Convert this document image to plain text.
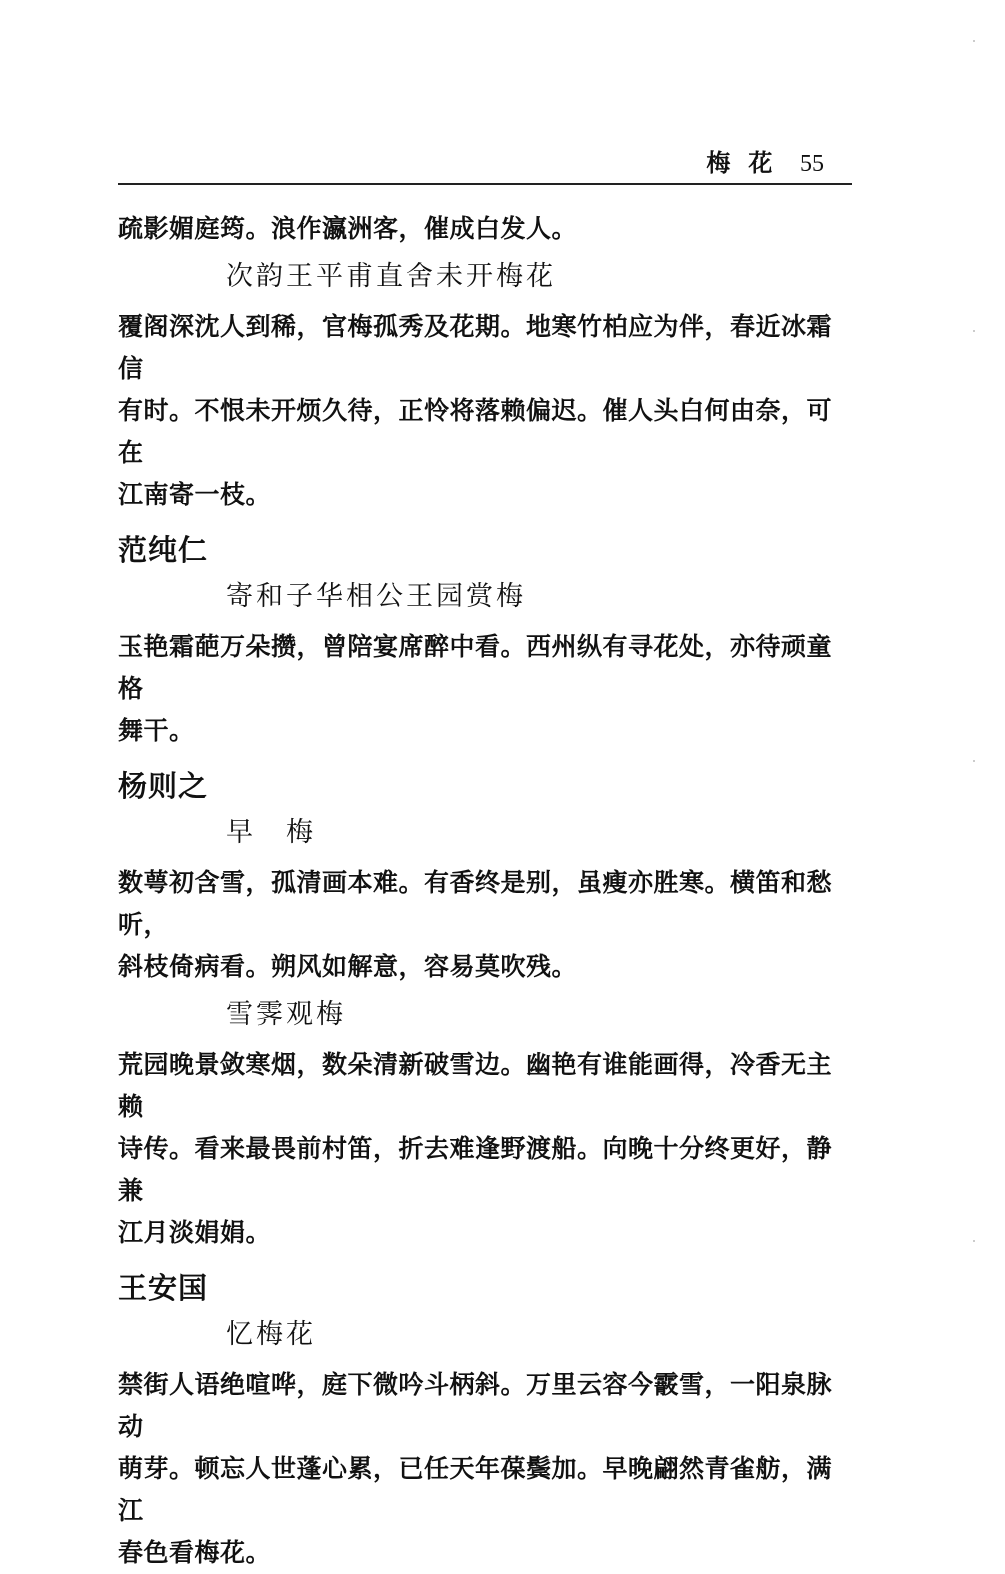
梅花 55

疏影媚庭筠。浪作瀛洲客，催成白发人。

次韵王平甫直舍未开梅花

覆阁深沈人到稀，官梅孤秀及花期。地寒竹柏应为伴，春近冰霜信

有时。不恨未开烦久待，正怜将落赖偏迟。催人头白何由奈，可在

江南寄一枝。

范纯仁
寄和子华相公王园赏梅

玉艳霜葩万朵攒，曾陪宴席醉中看。西州纵有寻花处，亦待顽童格

舞干。

杨则之
早　梅

数萼初含雪，孤清画本难。有香终是别，虽瘦亦胜寒。横笛和愁听，

斜枝倚病看。朔风如解意，容易莫吹残。

雪霁观梅

荒园晚景敛寒烟，数朵清新破雪边。幽艳有谁能画得，冷香无主赖

诗传。看来最畏前村笛，折去难逢野渡船。向晚十分终更好，静兼

江月淡娟娟。

王安国
忆梅花

禁街人语绝喧哗，庭下微吟斗柄斜。万里云容今霰雪，一阳泉脉动

萌芽。顿忘人世蓬心累，已任天年葆鬓加。早晚翩然青雀舫，满江

春色看梅花。
